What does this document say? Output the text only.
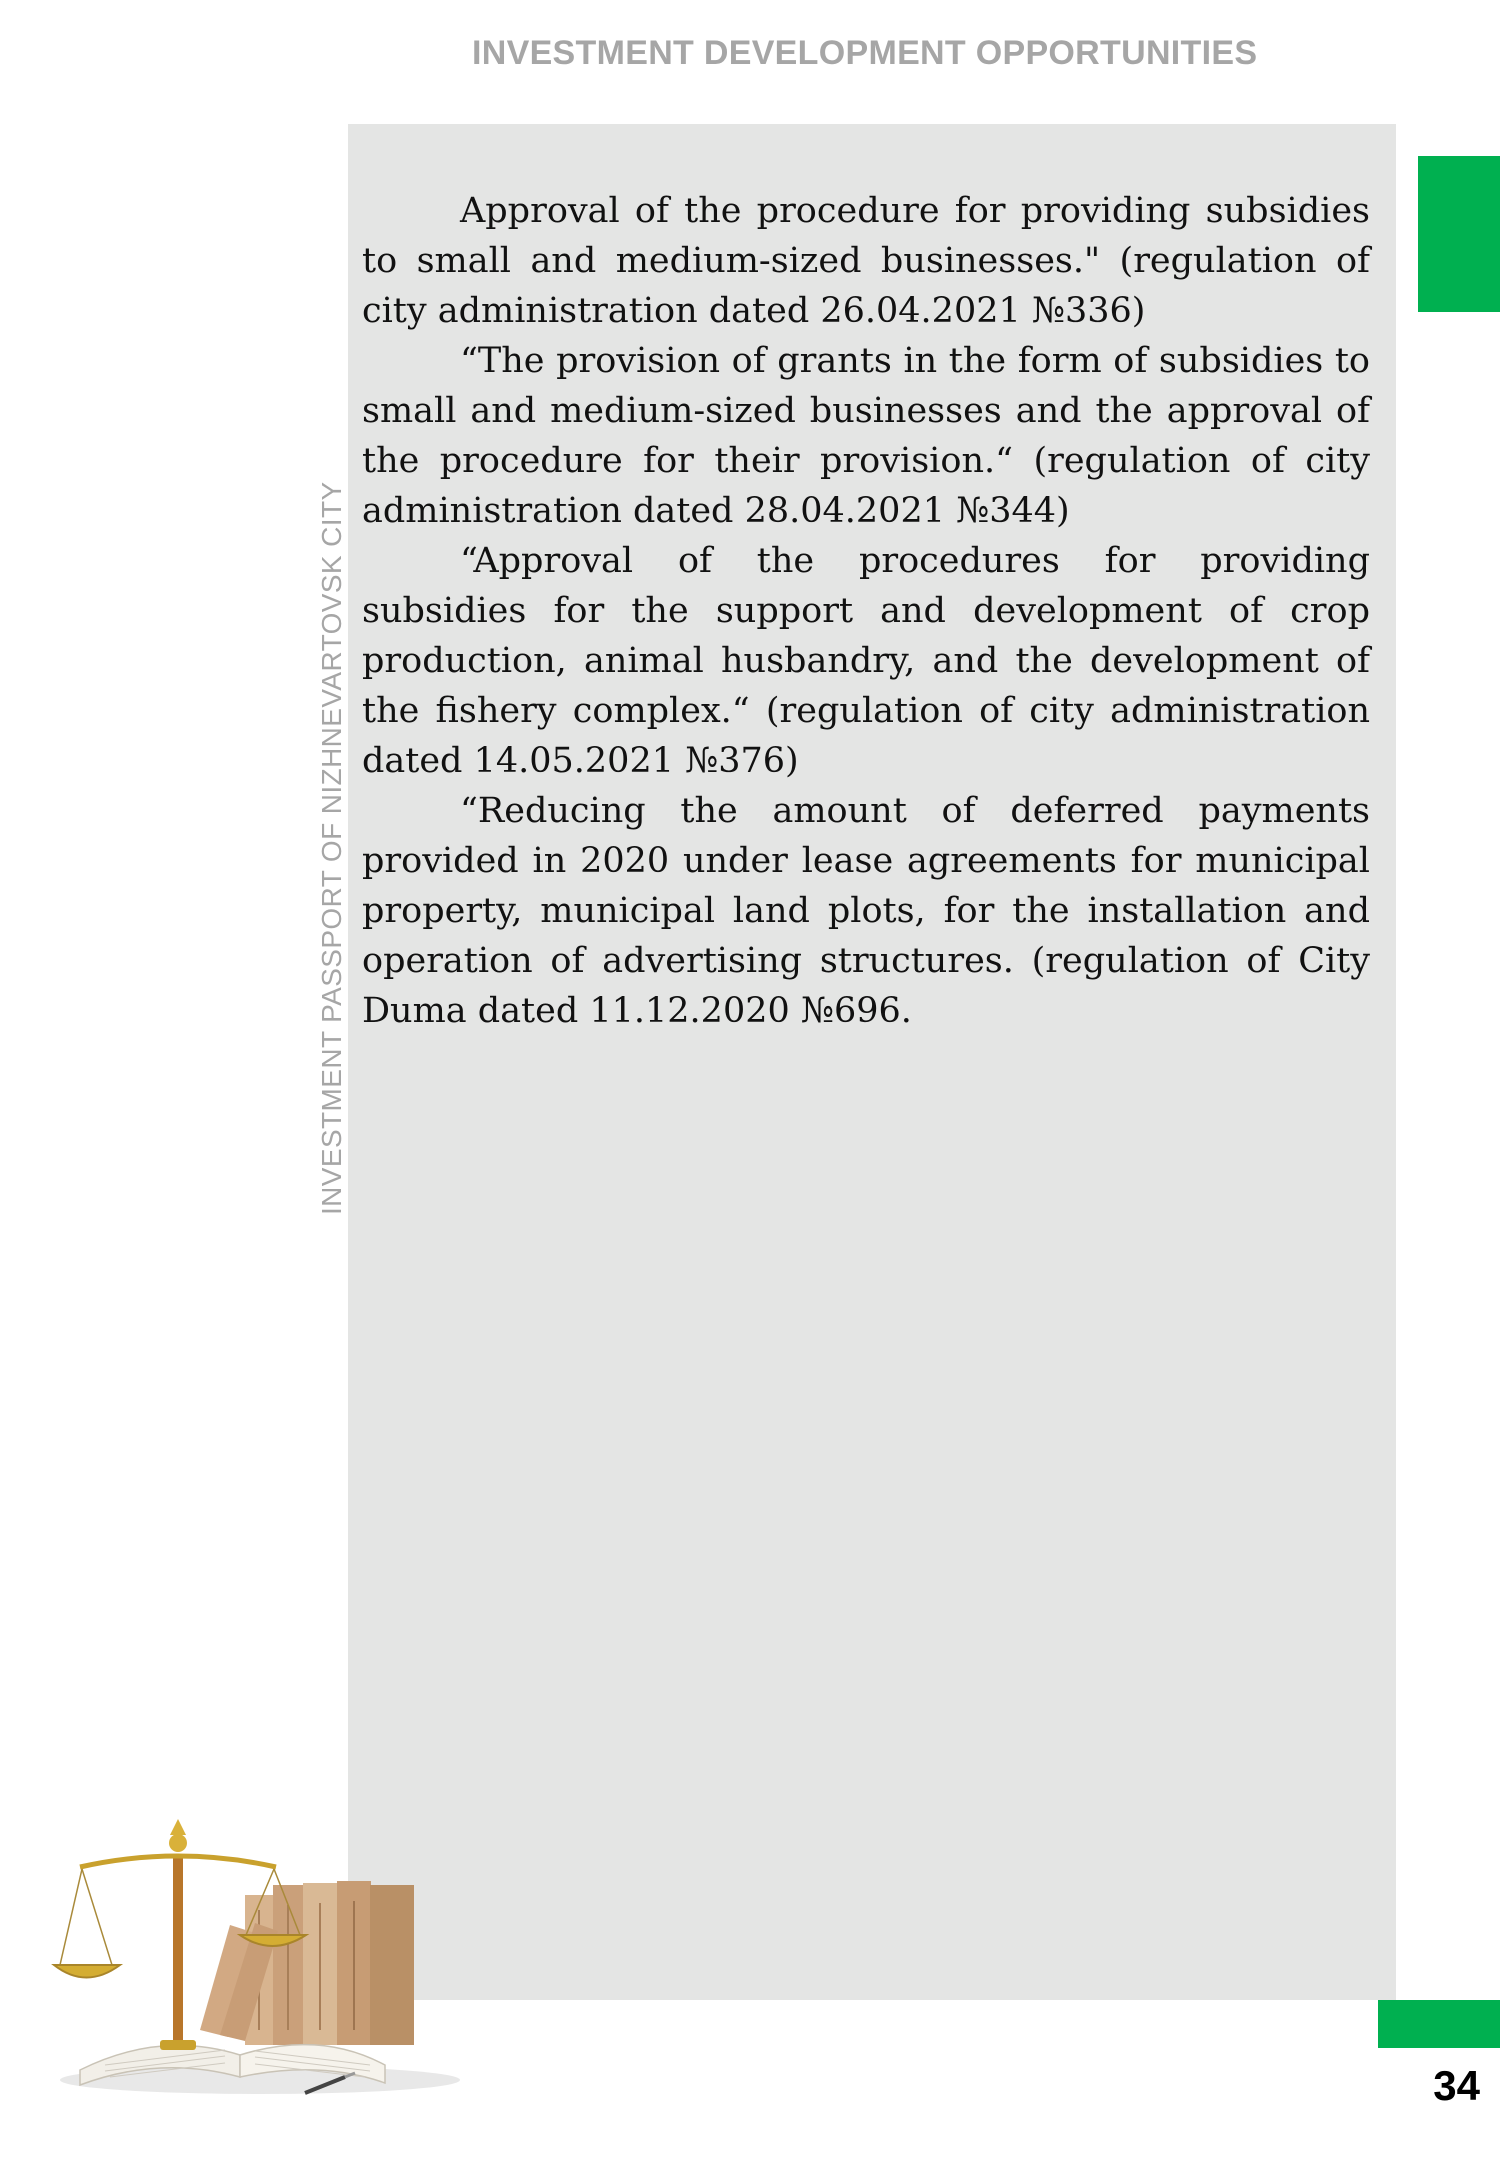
INVESTMENT DEVELOPMENT OPPORTUNITIES
INVESTMENT PASSPORT OF NIZHNEVARTOVSK CITY

Approval of the procedure for providing subsidies to small and medium-sized businesses." (regulation of city administration dated 26.04.2021 №336)

“The provision of grants in the form of subsidies to small and medium-sized businesses and the approval of the procedure for their provision.“ (regulation of city administration dated 28.04.2021 №344)

“Approval of the procedures for providing subsidies for the support and development of crop production, animal husbandry, and the development of the fishery complex.“ (regulation of city administration dated 14.05.2021 №376)

“Reducing the amount of deferred payments provided in 2020 under lease agreements for municipal property, municipal land plots, for the installation and operation of advertising structures. (regulation of City Duma dated 11.12.2020 №696.

34
